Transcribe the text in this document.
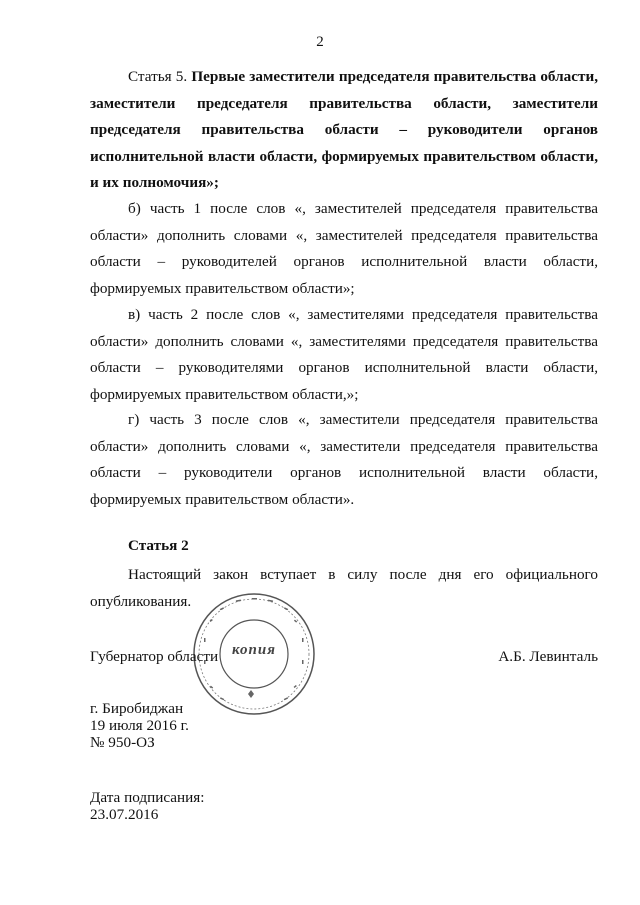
2
Статья 5. Первые заместители председателя правительства области, заместители председателя правительства области, заместители председателя правительства области – руководители органов исполнительной власти области, формируемых правительством области, и их полномочия»;
б) часть 1 после слов «, заместителей председателя правительства области» дополнить словами «, заместителей председателя правительства области – руководителей органов исполнительной власти области, формируемых правительством области»;
в) часть 2 после слов «, заместителями председателя правительства области» дополнить словами «, заместителями председателя правительства области – руководителями органов исполнительной власти области, формируемых правительством области,»;
г) часть 3 после слов «, заместители председателя правительства области» дополнить словами «, заместители председателя правительства области – руководители органов исполнительной власти области, формируемых правительством области».
Статья 2
Настоящий закон вступает в силу после дня его официального опубликования.
копия
Губернатор области	А.Б. Левинталь
г. Биробиджан
19 июля 2016 г.
№ 950-ОЗ
Дата подписания:
23.07.2016
